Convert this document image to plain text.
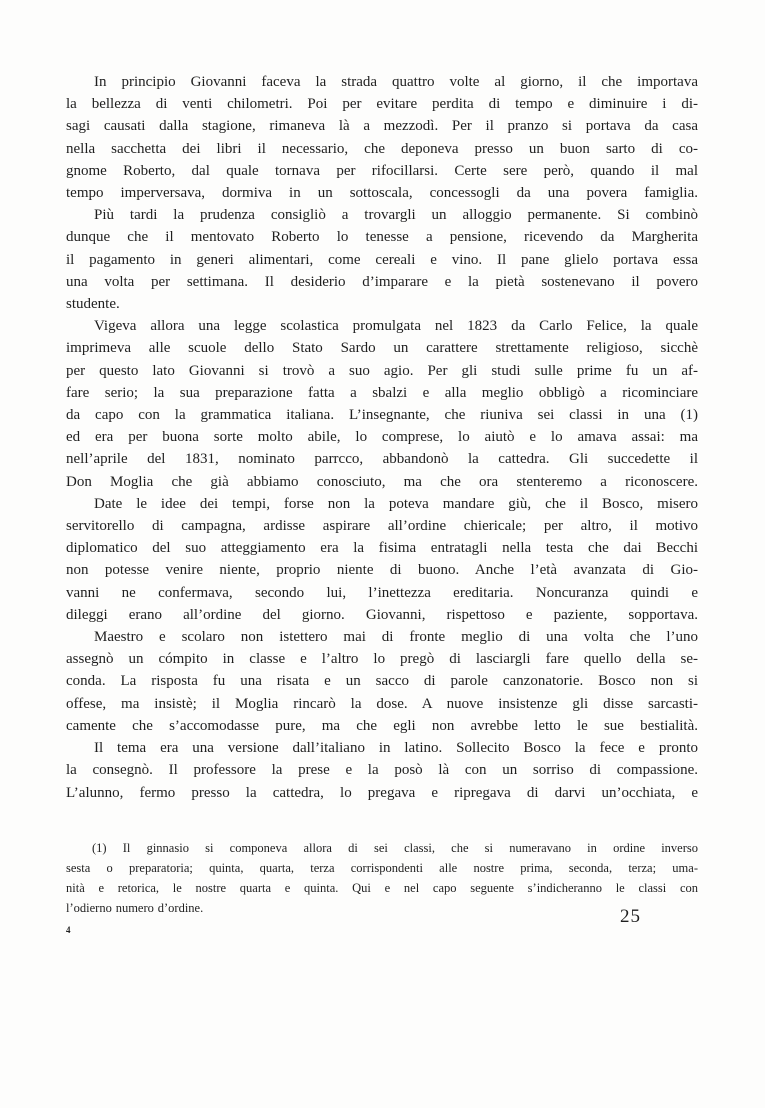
In principio Giovanni faceva la strada quattro volte al giorno, il che importava
la bellezza di venti chilometri. Poi per evitare perdita di tempo e diminuire i di-
sagi causati dalla stagione, rimaneva là a mezzodì. Per il pranzo si portava da casa
nella sacchetta dei libri il necessario, che deponeva presso un buon sarto di co-
gnome Roberto, dal quale tornava per rifocillarsi. Certe sere però, quando il mal
tempo imperversava, dormiva in un sottoscala, concessogli da una povera famiglia.
Più tardi la prudenza consigliò a trovargli un alloggio permanente. Si combinò
dunque che il mentovato Roberto lo tenesse a pensione, ricevendo da Margherita
il pagamento in generi alimentari, come cereali e vino. Il pane glielo portava essa
una volta per settimana. Il desiderio d’imparare e la pietà sostenevano il povero
studente.
Vigeva allora una legge scolastica promulgata nel 1823 da Carlo Felice, la quale
imprimeva alle scuole dello Stato Sardo un carattere strettamente religioso, sicchè
per questo lato Giovanni si trovò a suo agio. Per gli studi sulle prime fu un af-
fare serio; la sua preparazione fatta a sbalzi e alla meglio obbligò a ricominciare
da capo con la grammatica italiana. L’insegnante, che riuniva sei classi in una (1)
ed era per buona sorte molto abile, lo comprese, lo aiutò e lo amava assai: ma
nell’aprile del 1831, nominato parrcco, abbandonò la cattedra. Gli succedette il
Don Moglia che già abbiamo conosciuto, ma che ora stenteremo a riconoscere.
Date le idee dei tempi, forse non la poteva mandare giù, che il Bosco, misero
servitorello di campagna, ardisse aspirare all’ordine chiericale; per altro, il motivo
diplomatico del suo atteggiamento era la fisima entratagli nella testa che dai Becchi
non potesse venire niente, proprio niente di buono. Anche l’età avanzata di Gio-
vanni ne confermava, secondo lui, l’inettezza ereditaria. Noncuranza quindi e
dileggi erano all’ordine del giorno. Giovanni, rispettoso e paziente, sopportava.
Maestro e scolaro non istettero mai di fronte meglio di una volta che l’uno
assegnò un cómpito in classe e l’altro lo pregò di lasciargli fare quello della se-
conda. La risposta fu una risata e un sacco di parole canzonatorie. Bosco non si
offese, ma insistè; il Moglia rincarò la dose. A nuove insistenze gli disse sarcasti-
camente che s’accomodasse pure, ma che egli non avrebbe letto le sue bestialità.
Il tema era una versione dall’italiano in latino. Sollecito Bosco la fece e pronto
la consegnò. Il professore la prese e la posò là con un sorriso di compassione.
L’alunno, fermo presso la cattedra, lo pregava e ripregava di darvi un’occhiata, e
(1) Il ginnasio si componeva allora di sei classi, che si numeravano in ordine inverso
sesta o preparatoria; quinta, quarta, terza corrispondenti alle nostre prima, seconda, terza; uma-
nità e retorica, le nostre quarta e quinta. Qui e nel capo seguente s’indicheranno le classi con
l’odierno numero d’ordine.
4
25
